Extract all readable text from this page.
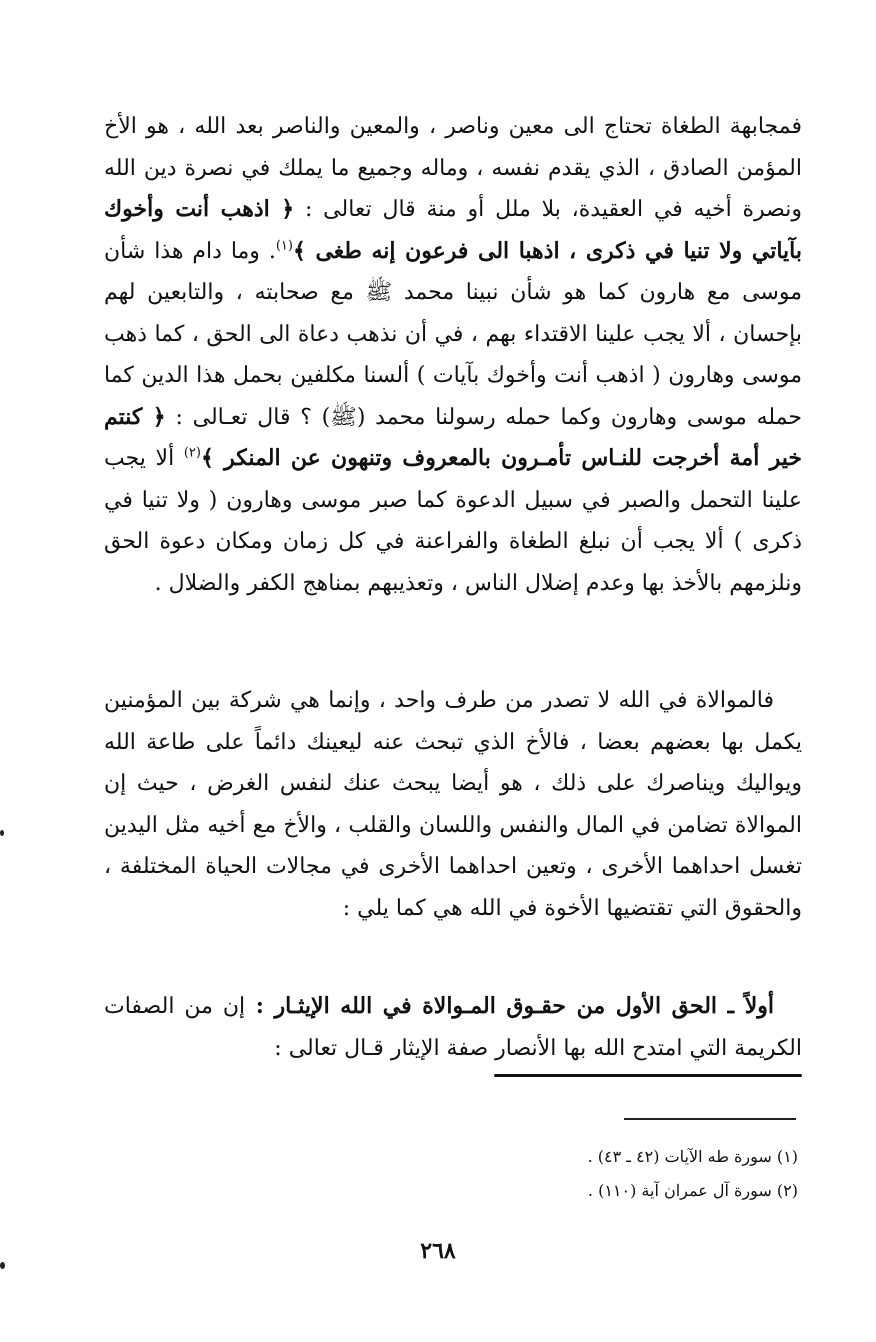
فمجابهة الطغاة تحتاج الى معين وناصر ، والمعين والناصر بعد الله ، هو الأخ المؤمن الصادق ، الذي يقدم نفسه ، وماله وجميع ما يملك في نصرة دين الله ونصرة أخيه في العقيدة، بلا ملل أو منة قال تعالى : ﴿ اذهب أنت وأخوك بآياتي ولا تنيا في ذكرى ، اذهبا الى فرعون إنه طغى ﴾$^{(١)}$. وما دام هذا شأن موسى مع هارون كما هو شأن نبينا محمد ﷺ مع صحابته ، والتابعين لهم بإحسان ، ألا يجب علينا الاقتداء بهم ، في أن نذهب دعاة الى الحق ، كما ذهب موسى وهارون ( اذهب أنت وأخوك بآيات ) ألسنا مكلفين بحمل هذا الدين كما حمله موسى وهارون وكما حمله رسولنا محمد (ﷺ) ؟ قال تعـالى : ﴿ كنتم خير أمة أخرجت للنـاس تأمـرون بالمعروف وتنهون عن المنكر ﴾$^{(٢)}$ ألا يجب علينا التحمل والصبر في سبيل الدعوة كما صبر موسى وهارون ( ولا تنيا في ذكرى ) ألا يجب أن نبلغ الطغاة والفراعنة في كل زمان ومكان دعوة الحق ونلزمهم بالأخذ بها وعدم إضلال الناس ، وتعذيبهم بمناهج الكفر والضلال .

فالموالاة في الله لا تصدر من طرف واحد ، وإنما هي شركة بين المؤمنين يكمل بها بعضهم بعضا ، فالأخ الذي تبحث عنه ليعينك دائماً على طاعة الله ويواليك ويناصرك على ذلك ، هو أيضا يبحث عنك لنفس الغرض ، حيث إن الموالاة تضامن في المال والنفس واللسان والقلب ، والأخ مع أخيه مثل اليدين تغسل احداهما الأخرى ، وتعين احداهما الأخرى في مجالات الحياة المختلفة ، والحقوق التي تقتضيها الأخوة في الله هي كما يلي :

أولاً ـ الحق الأول من حقـوق المـوالاة في الله الإيثـار : إن من الصفات الكريمة التي امتدح الله بها الأنصار صفة الإيثار قـال تعالى :

(١) سورة طه الآيات (٤٢ ـ ٤٣) .
(٢) سورة آل عمران آية (١١٠) .
٢٦٨
